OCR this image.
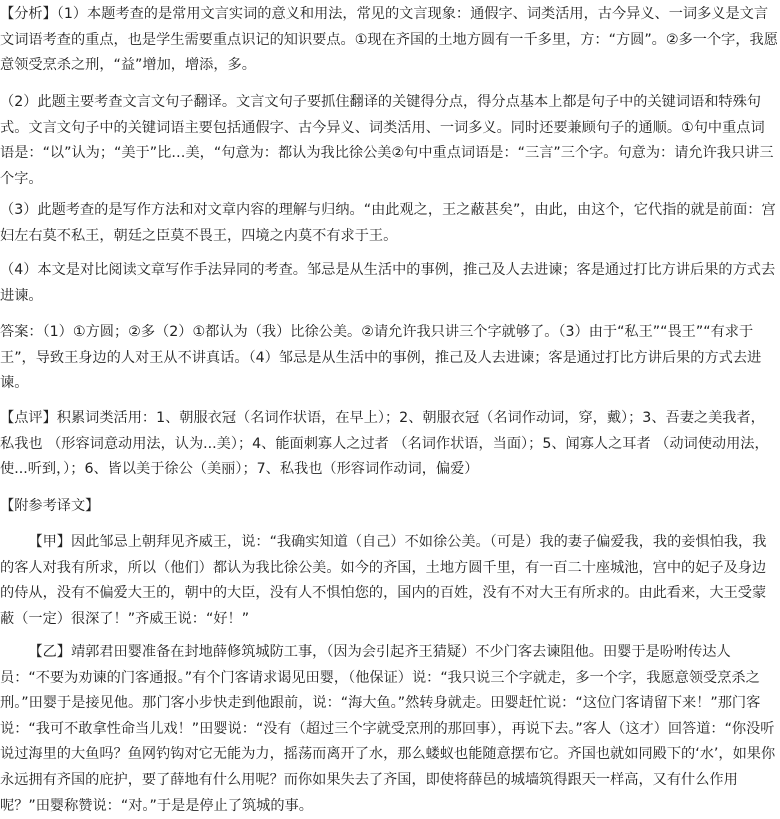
【分析】（1）本题考查的是常用文言实词的意义和用法，常见的文言现象：通假字、词类活用，古今异义、一词多义是文言文词语考查的重点，也是学生需要重点识记的知识要点。①现在齐国的土地方圆有一千多里，方：“方圆”。②多一个字，我愿意领受烹杀之刑，“益”增加，增添，多。

（2）此题主要考查文言文句子翻译。文言文句子要抓住翻译的关键得分点，得分点基本上都是句子中的关键词语和特殊句式。文言文句子中的关键词语主要包括通假字、古今异义、词类活用、一词多义。同时还要兼顾句子的通顺。①句中重点词语是：“以”认为；“美于”比…美，“句意为：都认为我比徐公美②句中重点词语是：“三言”三个字。句意为：请允许我只讲三个字。

（3）此题考查的是写作方法和对文章内容的理解与归纳。“由此观之，王之蔽甚矣”，由此，由这个，它代指的就是前面：宫妇左右莫不私王，朝廷之臣莫不畏王，四境之内莫不有求于王。

（4）本文是对比阅读文章写作手法异同的考查。邹忌是从生活中的事例，推己及人去进谏；客是通过打比方讲后果的方式去进谏。

答案：（1）①方圆；②多（2）①都认为（我）比徐公美。②请允许我只讲三个字就够了。（3）由于“私王”“畏王”“有求于王”，导致王身边的人对王从不讲真话。（4）邹忌是从生活中的事例，推己及人去进谏；客是通过打比方讲后果的方式去进谏。

【点评】积累词类活用：1、朝服衣冠（名词作状语，在早上）；2、朝服衣冠（名词作动词，穿，戴）；3、吾妻之美我者，私我也 （形容词意动用法，认为...美）；4、能面刺寡人之过者 （名词作状语，当面）；5、闻寡人之耳者 （动词使动用法，使...听到，）；6、皆以美于徐公（美丽）；7、私我也（形容词作动词，偏爱）

【附参考译文】

【甲】因此邹忌上朝拜见齐威王，说：“我确实知道（自己）不如徐公美。（可是）我的妻子偏爱我，我的妾惧怕我，我的客人对我有所求，所以（他们）都认为我比徐公美。如今的齐国，土地方圆千里，有一百二十座城池，宫中的妃子及身边的侍从，没有不偏爱大王的，朝中的大臣，没有人不惧怕您的，国内的百姓，没有不对大王有所求的。由此看来，大王受蒙蔽（一定）很深了！”齐威王说：“好！”

【乙】靖郭君田婴准备在封地薛修筑城防工事，（因为会引起齐王猜疑）不少门客去谏阻他。田婴于是吩咐传达人员：“不要为劝谏的门客通报。”有个门客请求谒见田婴，（他保证）说：“我只说三个字就走，多一个字，我愿意领受烹杀之刑。”田婴于是接见他。那门客小步快走到他跟前，说：“海大鱼。”然转身就走。田婴赶忙说：“这位门客请留下来！”那门客说：“我可不敢拿性命当儿戏！”田婴说：“没有（超过三个字就受烹刑的那回事），再说下去。”客人（这才）回答道：“你没听说过海里的大鱼吗？鱼网钓钩对它无能为力，摇荡而离开了水，那么蝼蚁也能随意摆布它。齐国也就如同殿下的‘水’，如果你永远拥有齐国的庇护，要了薛地有什么用呢？而你如果失去了齐国，即使将薛邑的城墙筑得跟天一样高，又有什么作用呢？”田婴称赞说：“对。”于是是停止了筑城的事。
